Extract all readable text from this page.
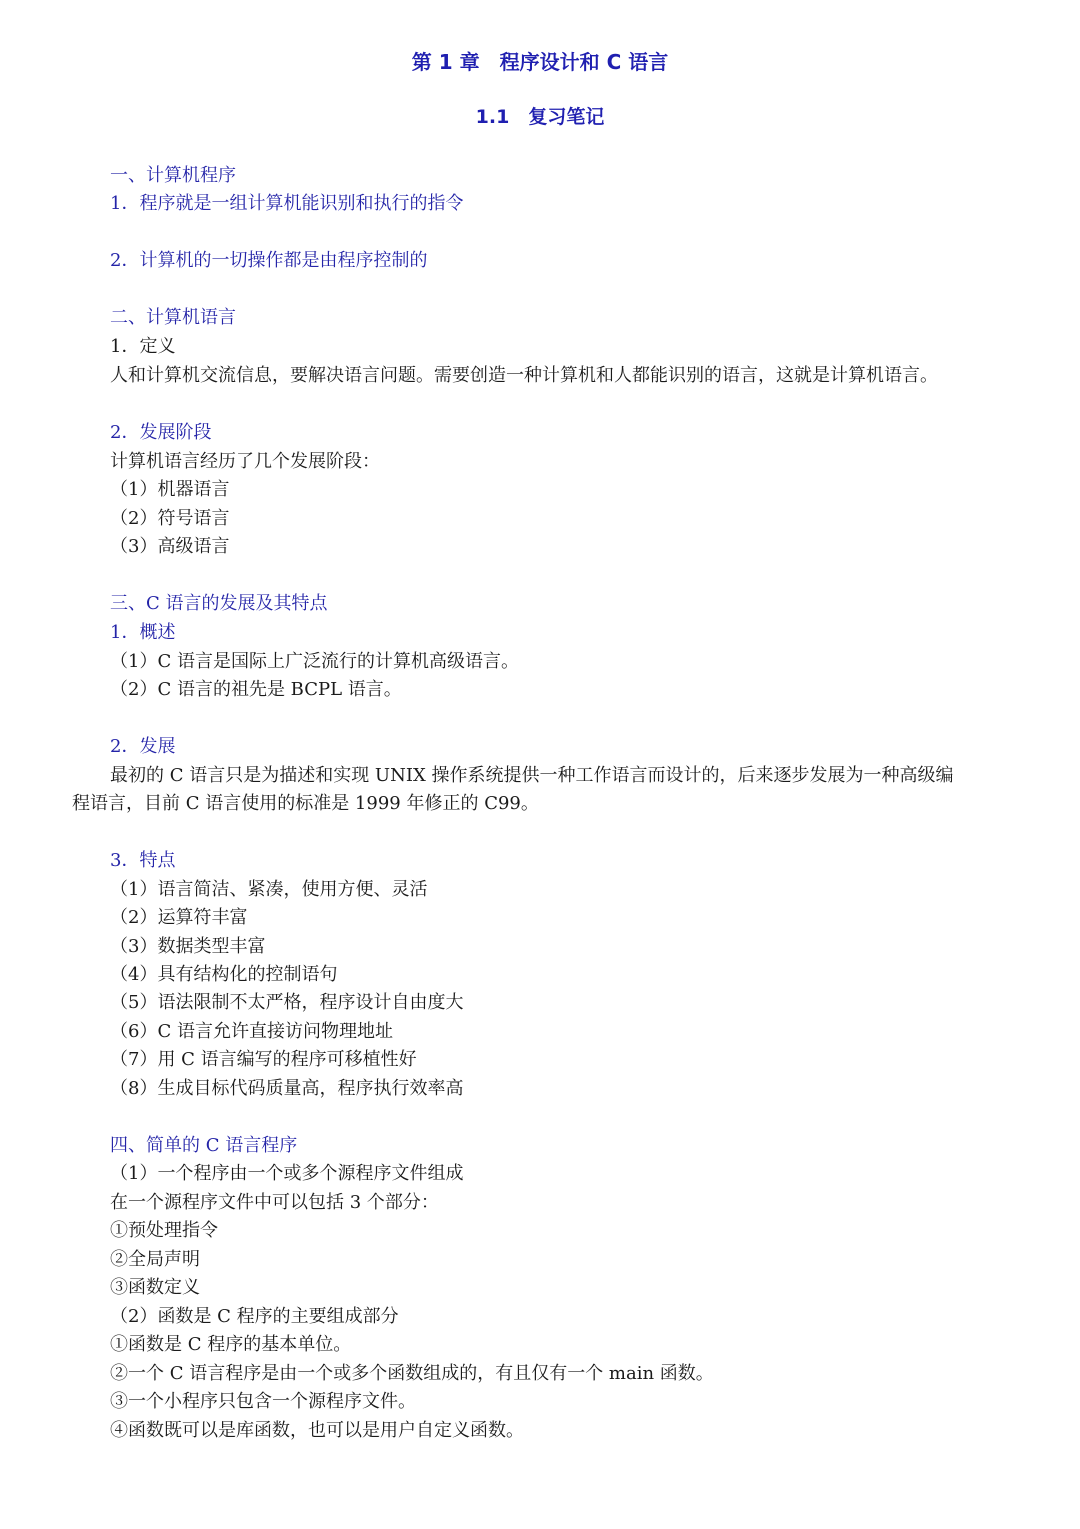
第 1 章　程序设计和 C 语言
1.1　复习笔记
一、计算机程序
1．程序就是一组计算机能识别和执行的指令
2．计算机的一切操作都是由程序控制的
二、计算机语言
1．定义
人和计算机交流信息，要解决语言问题。需要创造一种计算机和人都能识别的语言，这就是计算机语言。
2．发展阶段
计算机语言经历了几个发展阶段：
（1）机器语言
（2）符号语言
（3）高级语言
三、C 语言的发展及其特点
1．概述
（1）C 语言是国际上广泛流行的计算机高级语言。
（2）C 语言的祖先是 BCPL 语言。
2．发展
最初的 C 语言只是为描述和实现 UNIX 操作系统提供一种工作语言而设计的，后来逐步发展为一种高级编
程语言，目前 C 语言使用的标准是 1999 年修正的 C99。
3．特点
（1）语言简洁、紧凑，使用方便、灵活
（2）运算符丰富
（3）数据类型丰富
（4）具有结构化的控制语句
（5）语法限制不太严格，程序设计自由度大
（6）C 语言允许直接访问物理地址
（7）用 C 语言编写的程序可移植性好
（8）生成目标代码质量高，程序执行效率高
四、简单的 C 语言程序
（1）一个程序由一个或多个源程序文件组成
在一个源程序文件中可以包括 3 个部分：
①预处理指令
②全局声明
③函数定义
（2）函数是 C 程序的主要组成部分
①函数是 C 程序的基本单位。
②一个 C 语言程序是由一个或多个函数组成的，有且仅有一个 main 函数。
③一个小程序只包含一个源程序文件。
④函数既可以是库函数，也可以是用户自定义函数。
